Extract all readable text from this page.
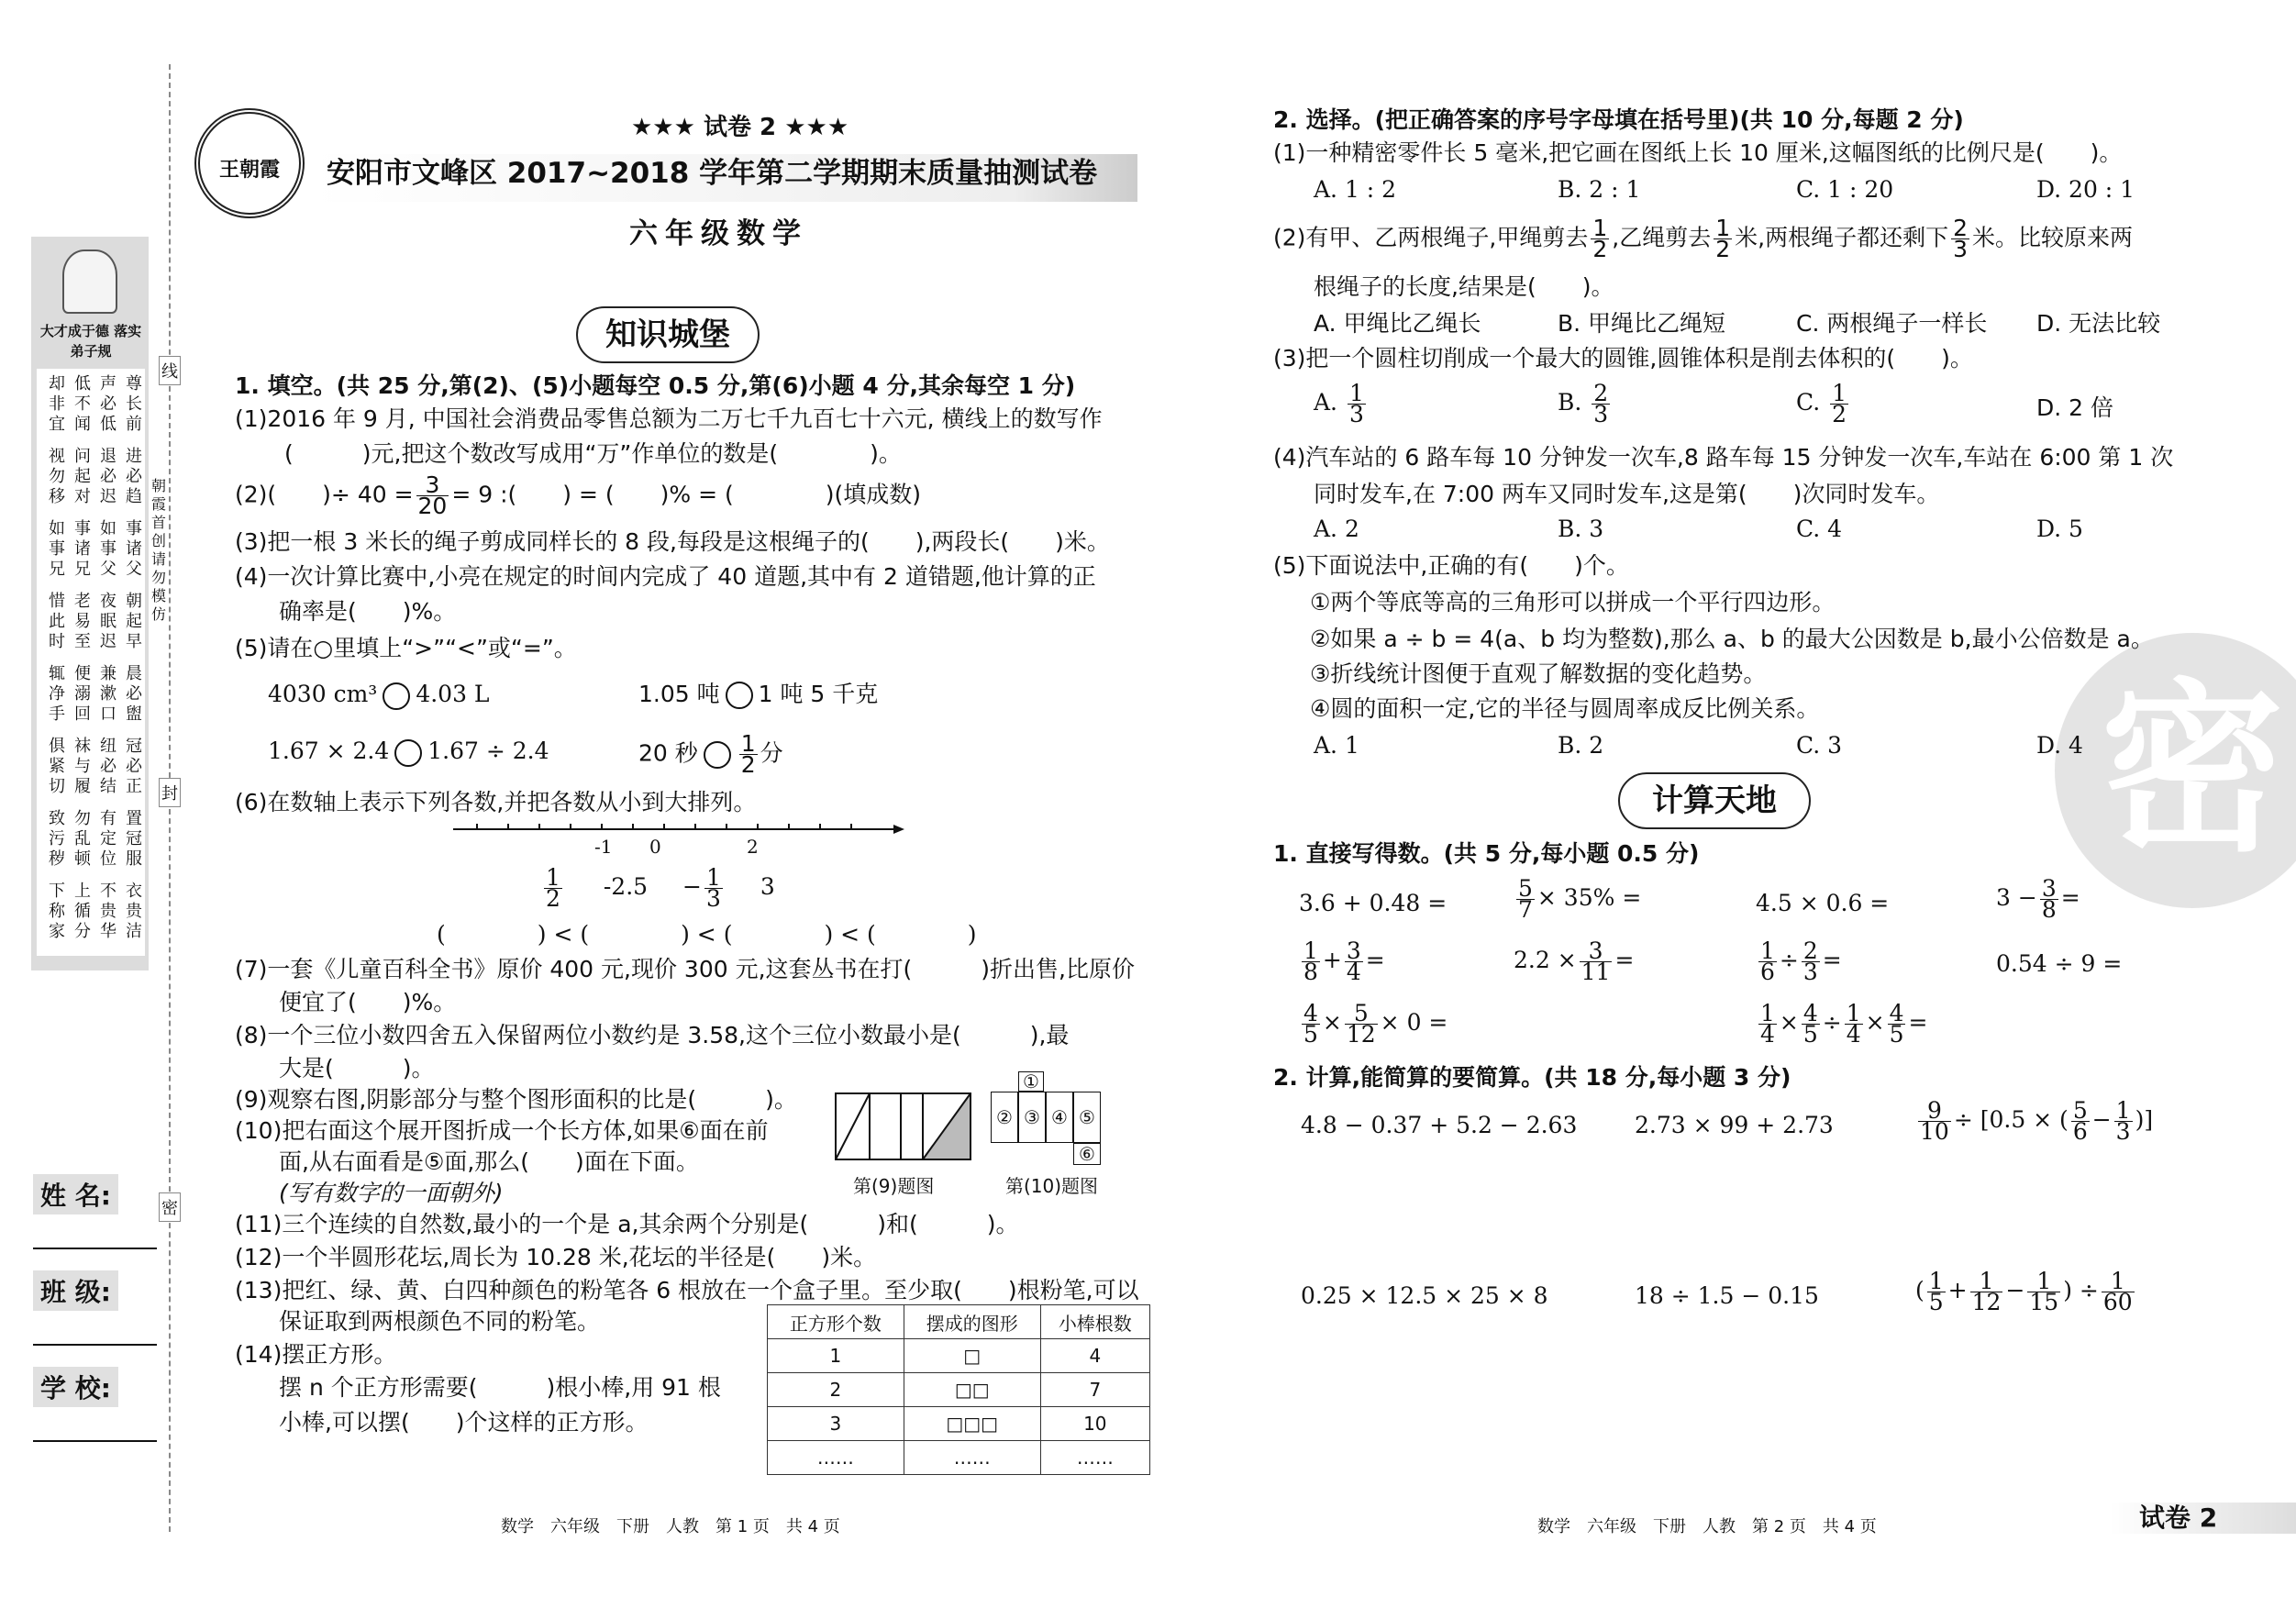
王朝霞
★★★ 试卷 2 ★★★
安阳市文峰区 2017~2018 学年第二学期期末质量抽测试卷
六年级数学
大才成于德 落实弟子规
尊长前
声必低
低不闻
却非宜
进必趋
退必迟
问起对
视勿移
事诸父
如事父
事诸兄
如事兄
朝起早
夜眠迟
老易至
惜此时
晨必盥
兼漱口
便溺回
辄净手
冠必正
纽必结
袜与履
俱紧切
置冠服
有定位
勿乱顿
致污秽
衣贵洁
不贵华
上循分
下称家
线
封
密
朝霞首创 请勿模仿
姓 名:
班 级:
学 校:
知识城堡
1. 填空。(共 25 分,第(2)、(5)小题每空 0.5 分,第(6)小题 4 分,其余每空 1 分)
(1)2016 年 9 月, 中国社会消费品零售总额为二万七千九百七十六元, 横线上的数写作
(　　　)元,把这个数改写成用“万”作单位的数是(　　　　)。
(2)(　　)÷ $40 = \frac{3}{20} = 9$ :(　　) = (　　)% = (　　　　)(填成数)
(3)把一根 3 米长的绳子剪成同样长的 8 段,每段是这根绳子的(　　),两段长(　　)米。
(4)一次计算比赛中,小亮在规定的时间内完成了 40 道题,其中有 2 道错题,他计算的正
确率是(　　)%。
(5)请在○里填上“>”“<”或“=”。
4030 cm³ 4.03 L	1.05 吨 1 吨 5 千克
1.67 × 2.4 1.67 ÷ 2.4	20 秒 $\frac{1}{2}$ 分
(6)在数轴上表示下列各数,并把各数从小到大排列。
-1 0	2
$\frac{1}{2} -2.5 - \frac{1}{3} 3$
(　　　　) < (　　　　) < (　　　　) < (　　　　)
(7)一套《儿童百科全书》原价 400 元,现价 300 元,这套丛书在打(　　　)折出售,比原价
便宜了(　　)%。
(8)一个三位小数四舍五入保留两位小数约是 3.58,这个三位小数最小是(　　　),最
大是(　　　)。
(9)观察右图,阴影部分与整个图形面积的比是(　　　)。
(10)把右面这个展开图折成一个长方体,如果⑥面在前
面,从右面看是⑤面,那么(　　)面在下面。
(写有数字的一面朝外)	第(9)题图
①
② ③ ④ ⑤
⑥
第(10)题图
(11)三个连续的自然数,最小的一个是 a,其余两个分别是(　　　)和(　　　)。
(12)一个半圆形花坛,周长为 10.28 米,花坛的半径是(　　)米。
(13)把红、绿、黄、白四种颜色的粉笔各 6 根放在一个盒子里。至少取(　　)根粉笔,可以
保证取到两根颜色不同的粉笔。
(14)摆正方形。
摆 n 个正方形需要(　　　)根小棒,用 91 根
小棒,可以摆(　　)个这样的正方形。
正方形个数	摆成的图形	小棒根数
1	□	4
2	□□	7
3	□□□	10
……	……	……
数学　六年级　下册　人教　第 1 页　共 4 页
密
2. 选择。(把正确答案的序号字母填在括号里)(共 10 分,每题 2 分)
(1)一种精密零件长 5 毫米,把它画在图纸上长 10 厘米,这幅图纸的比例尺是(　　)。
A. 1 : 2	B. 2 : 1	C. 1 : 20	D. 20 : 1
(2)有甲、乙两根绳子,甲绳剪去 $\frac{1}{2}$ ,乙绳剪去 $\frac{1}{2}$ 米,两根绳子都还剩下 $\frac{2}{3}$ 米。比较原来两
根绳子的长度,结果是(　　)。
A. 甲绳比乙绳长	B. 甲绳比乙绳短	C. 两根绳子一样长 D. 无法比较
(3)把一个圆柱切削成一个最大的圆锥,圆锥体积是削去体积的(　　)。
A. $\frac{1}{3}$	B. $\frac{2}{3}$	C. $\frac{1}{2}$	D. 2 倍
(4)汽车站的 6 路车每 10 分钟发一次车,8 路车每 15 分钟发一次车,车站在 6:00 第 1 次
同时发车,在 7:00 两车又同时发车,这是第(　　)次同时发车。
A. 2	B. 3	C. 4	D. 5
(5)下面说法中,正确的有(　　)个。
①两个等底等高的三角形可以拼成一个平行四边形。
②如果 a ÷ b = 4(a、b 均为整数),那么 a、b 的最大公因数是 b,最小公倍数是 a。
③折线统计图便于直观了解数据的变化趋势。
④圆的面积一定,它的半径与圆周率成反比例关系。
A. 1	B. 2	C. 3	D. 4
计算天地
1. 直接写得数。(共 5 分,每小题 0.5 分)
3.6 + 0.48 =	$\frac{5}{7} \times 35\%$ =	4.5 × 0.6 =	$3 - \frac{3}{8}$ =
$\frac{1}{8} + \frac{3}{4}$ =	$2.2 \times \frac{3}{11}$ =	$\frac{1}{6} \div \frac{2}{3}$ =	0.54 ÷ 9 =
$\frac{4}{5} \times \frac{5}{12} \times 0$ =	$\frac{1}{4} \times \frac{4}{5} \div \frac{1}{4} \times \frac{4}{5}$ =
2. 计算,能简算的要简算。(共 18 分,每小题 3 分)
4.8 − 0.37 + 5.2 − 2.63	2.73 × 99 + 2.73	$\frac{9}{10} \div [0.5$ × ( $\frac{5}{6} - \frac{1}{3}$ )]
0.25 × 12.5 × 25 × 8	18 ÷ 1.5 − 0.15	( $\frac{1}{5} + \frac{1}{12} - \frac{1}{15}$ ) ÷ $\frac{1}{60}$
数学　六年级　下册　人教　第 2 页　共 4 页	试卷 2
